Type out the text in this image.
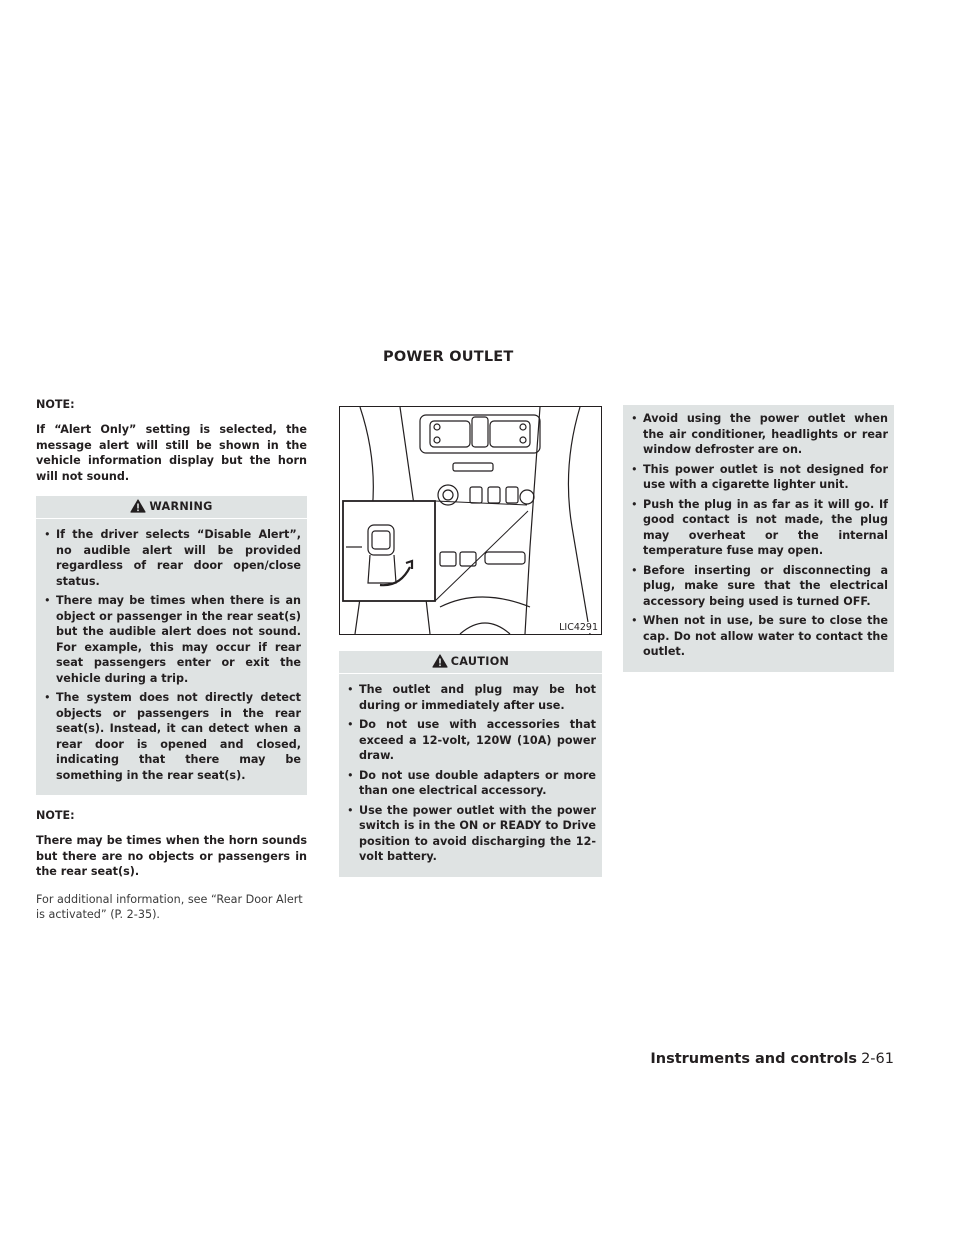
POWER OUTLET

NOTE:

If “Alert Only” setting is selected, the message alert will still be shown in the vehicle information display but the horn will not sound.

WARNING
• If the driver selects “Disable Alert”, no audible alert will be provided regardless of rear door open/close status.
• There may be times when there is an object or passenger in the rear seat(s) but the audible alert does not sound. For example, this may occur if rear seat passengers enter or exit the vehicle during a trip.
• The system does not directly detect objects or passengers in the rear seat(s). Instead, it can detect when a rear door is opened and closed, indicating that there may be something in the rear seat(s).

NOTE:

There may be times when the horn sounds but there are no objects or passengers in the rear seat(s).

For additional information, see “Rear Door Alert is activated” (P. 2-35).

LIC4291
CAUTION
• The outlet and plug may be hot during or immediately after use.
• Do not use with accessories that exceed a 12-volt, 120W (10A) power draw.
• Do not use double adapters or more than one electrical accessory.
• Use the power outlet with the power switch is in the ON or READY to Drive position to avoid discharging the 12-volt battery.
• Avoid using the power outlet when the air conditioner, headlights or rear window defroster are on.
• This power outlet is not designed for use with a cigarette lighter unit.
• Push the plug in as far as it will go. If good contact is not made, the plug may overheat or the internal temperature fuse may open.
• Before inserting or disconnecting a plug, make sure that the electrical accessory being used is turned OFF.
• When not in use, be sure to close the cap. Do not allow water to contact the outlet.
Instruments and controls 2-61
